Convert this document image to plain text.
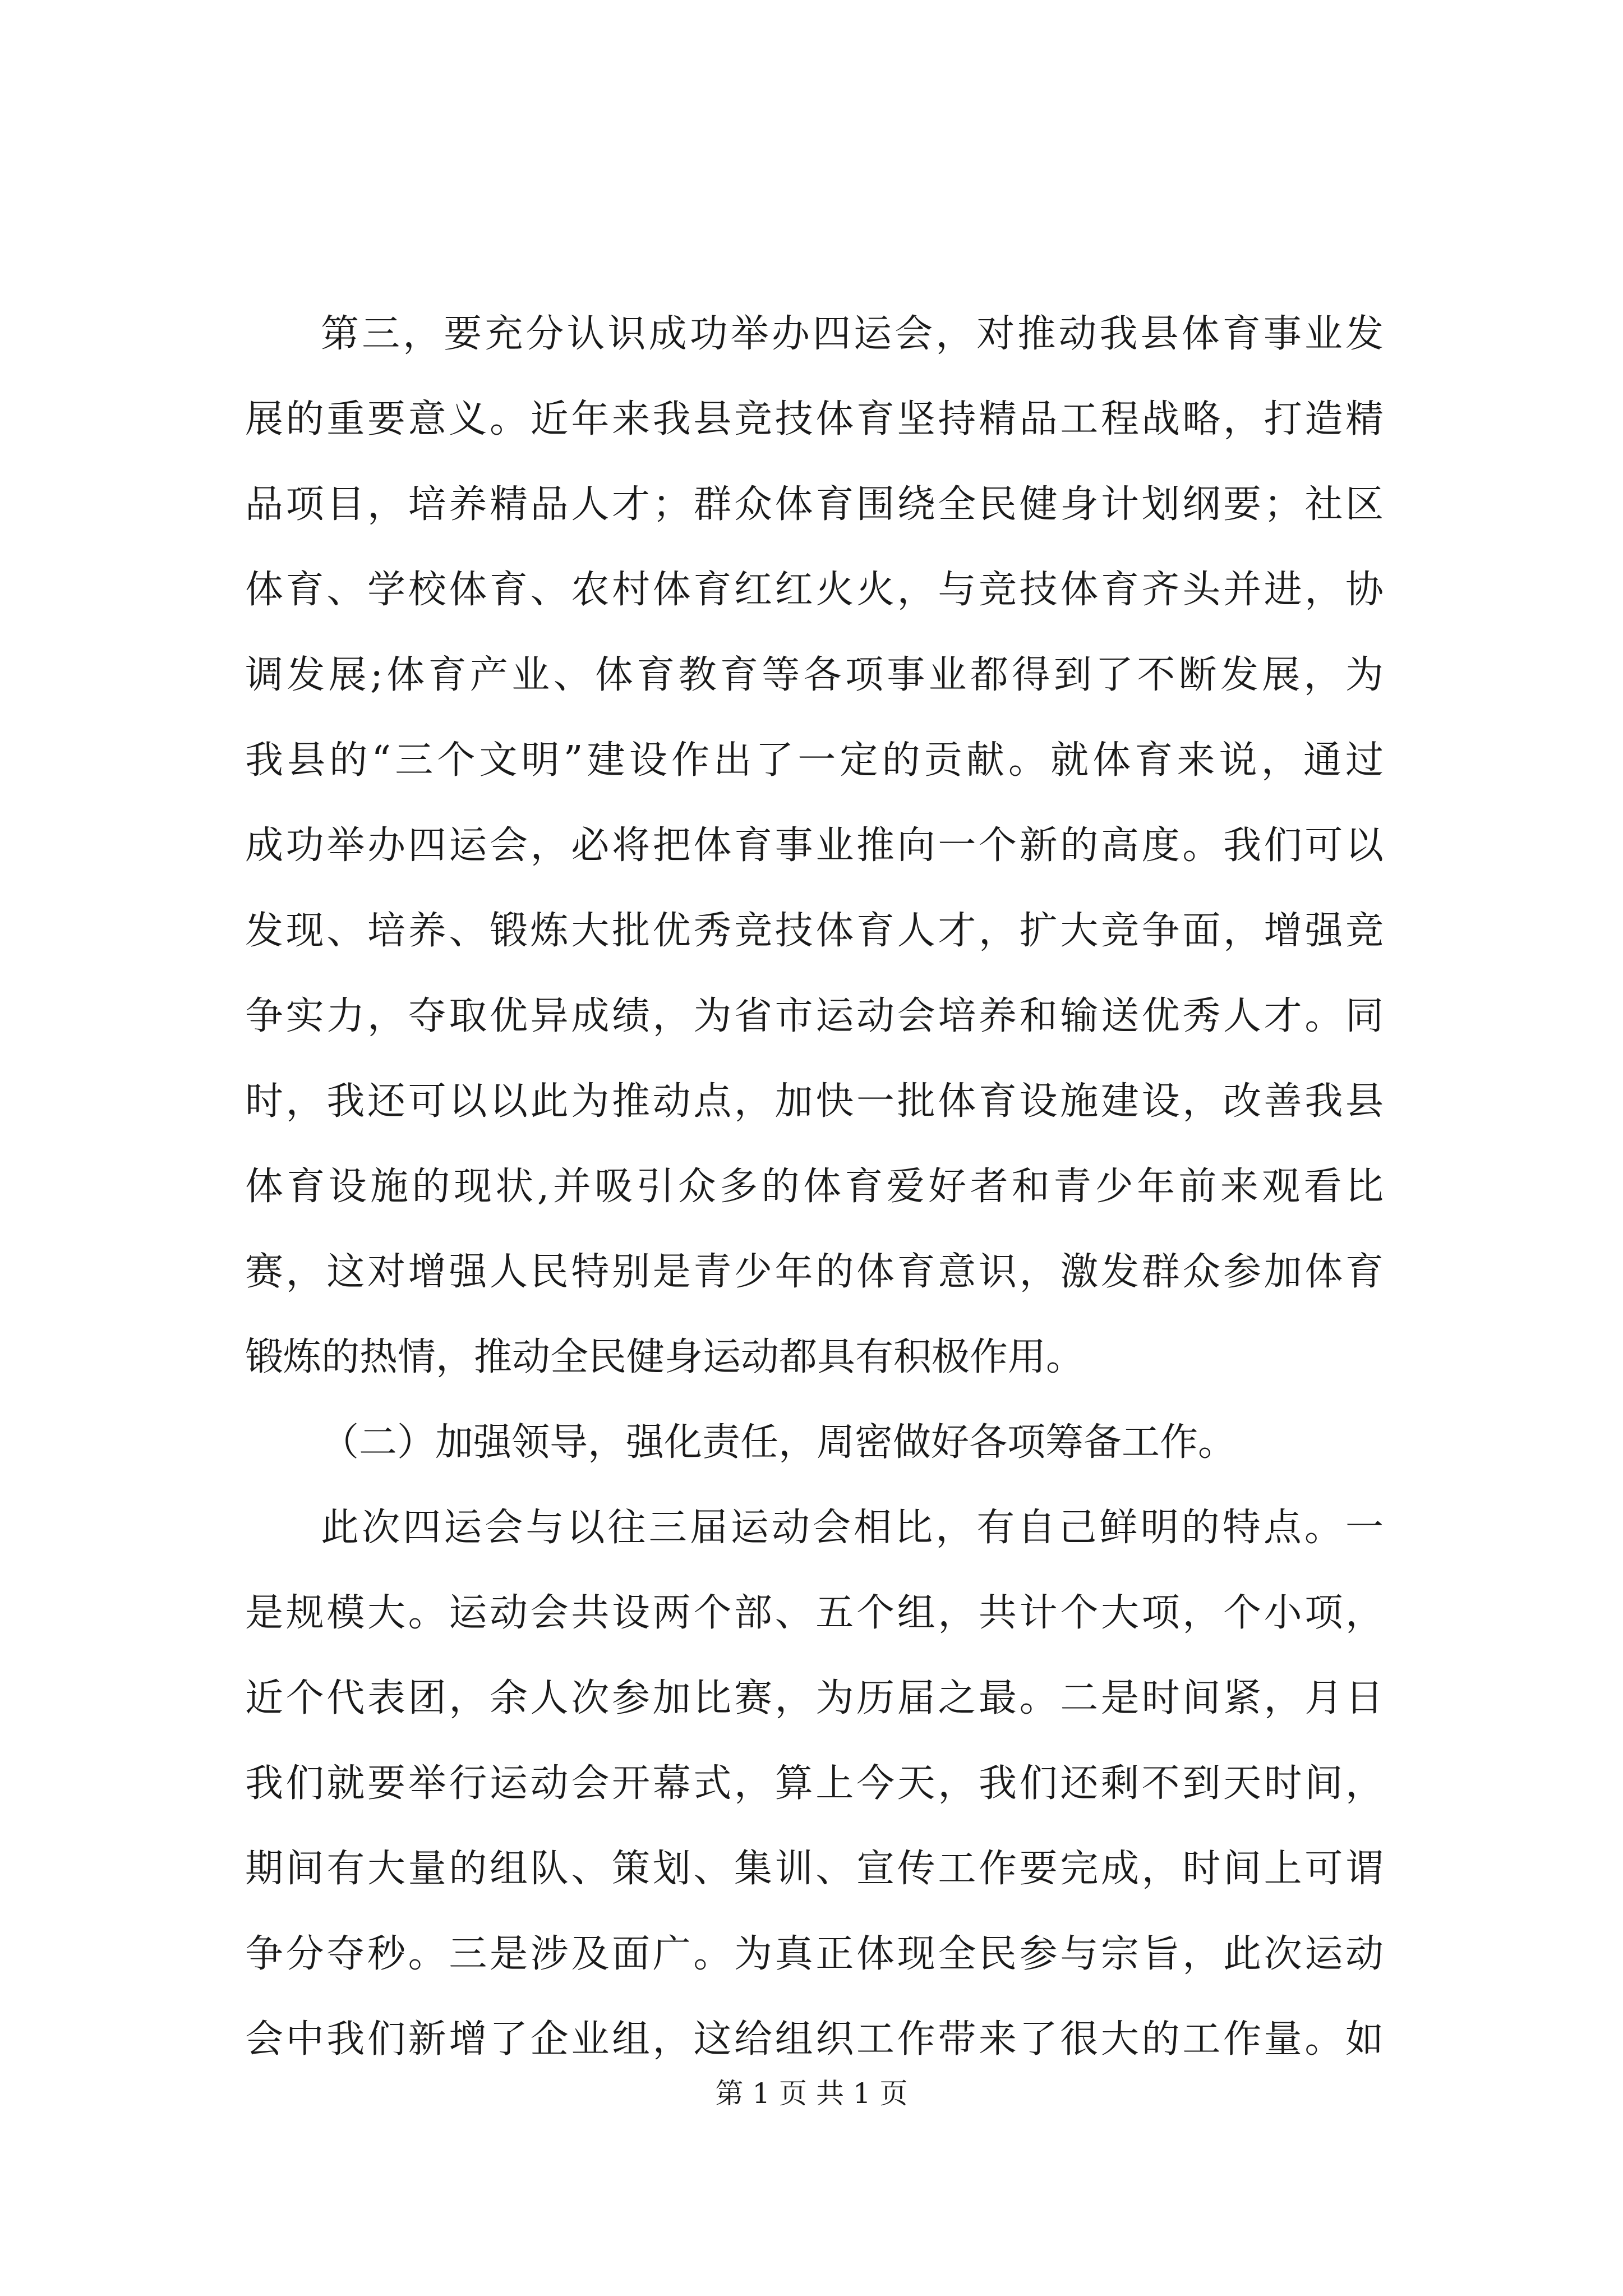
第三，要充分认识成功举办四运会，对推动我县体育事业发
展的重要意义。近年来我县竞技体育坚持精品工程战略，打造精
品项目，培养精品人才；群众体育围绕全民健身计划纲要；社区
体育、学校体育、农村体育红红火火，与竞技体育齐头并进，协
调发展;体育产业、体育教育等各项事业都得到了不断发展，为
我县的“三个文明”建设作出了一定的贡献。就体育来说，通过
成功举办四运会，必将把体育事业推向一个新的高度。我们可以
发现、培养、锻炼大批优秀竞技体育人才，扩大竞争面，增强竞
争实力，夺取优异成绩，为省市运动会培养和输送优秀人才。同
时，我还可以以此为推动点，加快一批体育设施建设，改善我县
体育设施的现状,并吸引众多的体育爱好者和青少年前来观看比
赛，这对增强人民特别是青少年的体育意识，激发群众参加体育
锻炼的热情，推动全民健身运动都具有积极作用。
（二）加强领导，强化责任，周密做好各项筹备工作。
此次四运会与以往三届运动会相比，有自己鲜明的特点。一
是规模大。运动会共设两个部、五个组，共计个大项，个小项，
近个代表团，余人次参加比赛，为历届之最。二是时间紧，月日
我们就要举行运动会开幕式，算上今天，我们还剩不到天时间，
期间有大量的组队、策划、集训、宣传工作要完成，时间上可谓
争分夺秒。三是涉及面广。为真正体现全民参与宗旨，此次运动
会中我们新增了企业组，这给组织工作带来了很大的工作量。如
第 1 页 共 1 页
